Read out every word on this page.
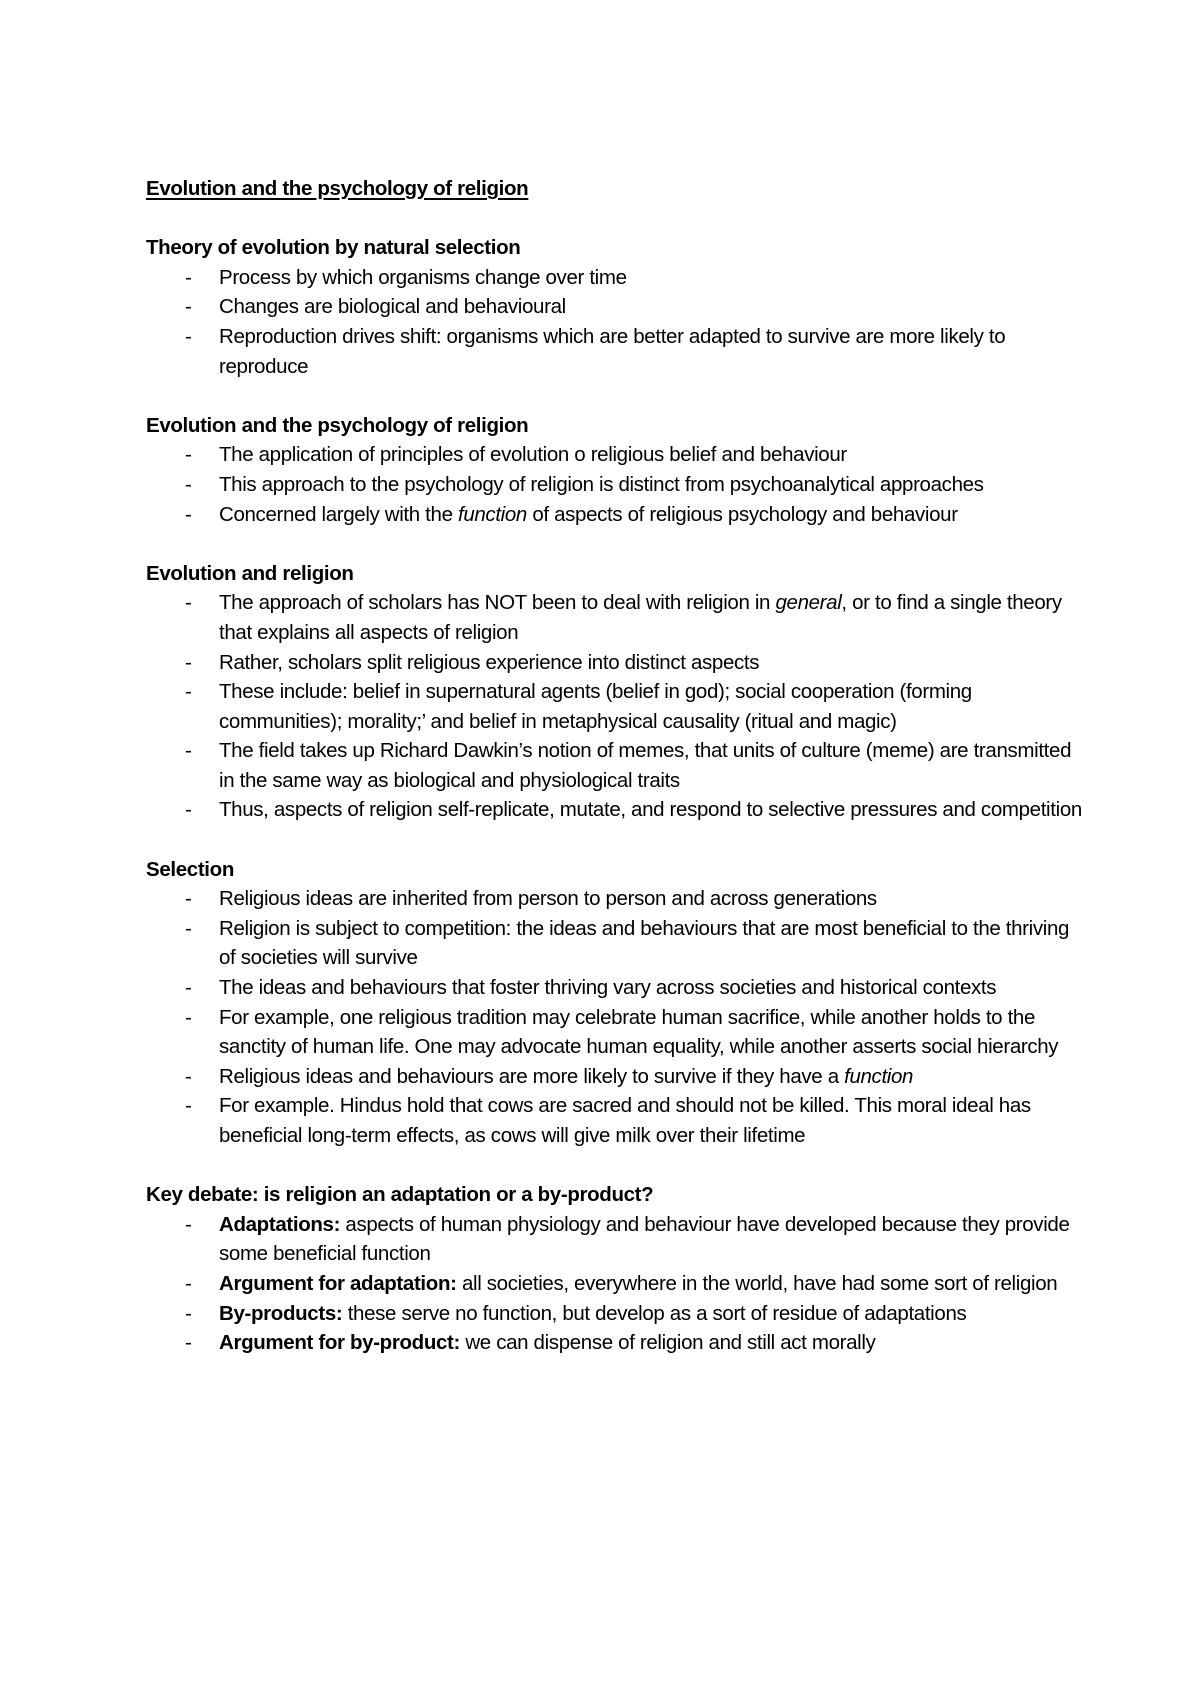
Evolution and the psychology of religion
Theory of evolution by natural selection
- Process by which organisms change over time
- Changes are biological and behavioural
- Reproduction drives shift: organisms which are better adapted to survive are more likely to reproduce
Evolution and the psychology of religion
- The application of principles of evolution o religious belief and behaviour
- This approach to the psychology of religion is distinct from psychoanalytical approaches
- Concerned largely with the function of aspects of religious psychology and behaviour
Evolution and religion
- The approach of scholars has NOT been to deal with religion in general, or to find a single theory that explains all aspects of religion
- Rather, scholars split religious experience into distinct aspects
- These include: belief in supernatural agents (belief in god); social cooperation (forming communities); morality;’ and belief in metaphysical causality (ritual and magic)
- The field takes up Richard Dawkin’s notion of memes, that units of culture (meme) are transmitted in the same way as biological and physiological traits
- Thus, aspects of religion self-replicate, mutate, and respond to selective pressures and competition
Selection
- Religious ideas are inherited from person to person and across generations
- Religion is subject to competition: the ideas and behaviours that are most beneficial to the thriving of societies will survive
- The ideas and behaviours that foster thriving vary across societies and historical contexts
- For example, one religious tradition may celebrate human sacrifice, while another holds to the sanctity of human life. One may advocate human equality, while another asserts social hierarchy
- Religious ideas and behaviours are more likely to survive if they have a function
- For example. Hindus hold that cows are sacred and should not be killed. This moral ideal has beneficial long-term effects, as cows will give milk over their lifetime
Key debate: is religion an adaptation or a by-product?
- Adaptations: aspects of human physiology and behaviour have developed because they provide some beneficial function
- Argument for adaptation: all societies, everywhere in the world, have had some sort of religion
- By-products: these serve no function, but develop as a sort of residue of adaptations
- Argument for by-product: we can dispense of religion and still act morally
